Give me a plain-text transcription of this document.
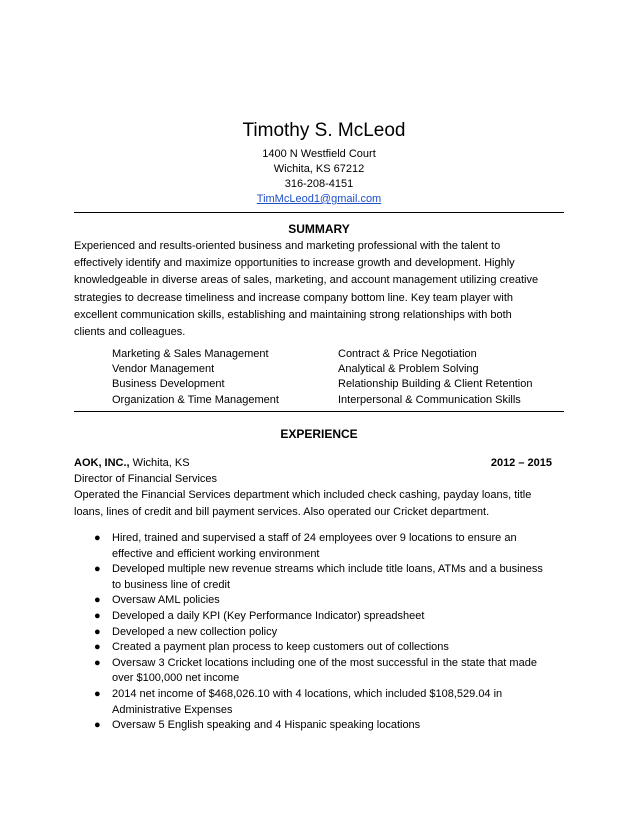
Timothy S. McLeod
1400 N Westfield Court
Wichita, KS 67212
316-208-4151
TimMcLeod1@gmail.com
SUMMARY
Experienced and results-oriented business and marketing professional with the talent to
effectively identify and maximize opportunities to increase growth and development. Highly
knowledgeable in diverse areas of sales, marketing, and account management utilizing creative
strategies to decrease timeliness and increase company bottom line. Key team player with
excellent communication skills, establishing and maintaining strong relationships with both
clients and colleagues.
Marketing & Sales Management	Contract & Price Negotiation
Vendor Management	Analytical & Problem Solving
Business Development	Relationship Building & Client Retention
Organization & Time Management	Interpersonal & Communication Skills
EXPERIENCE
AOK, INC., Wichita, KS	2012 – 2015
Director of Financial Services
Operated the Financial Services department which included check cashing, payday loans, title
loans, lines of credit and bill payment services. Also operated our Cricket department.
● Hired, trained and supervised a staff of 24 employees over 9 locations to ensure an
effective and efficient working environment
● Developed multiple new revenue streams which include title loans, ATMs and a business
to business line of credit
● Oversaw AML policies
● Developed a daily KPI (Key Performance Indicator) spreadsheet
● Developed a new collection policy
● Created a payment plan process to keep customers out of collections
● Oversaw 3 Cricket locations including one of the most successful in the state that made
over $100,000 net income
● 2014 net income of $468,026.10 with 4 locations, which included $108,529.04 in
Administrative Expenses
● Oversaw 5 English speaking and 4 Hispanic speaking locations
